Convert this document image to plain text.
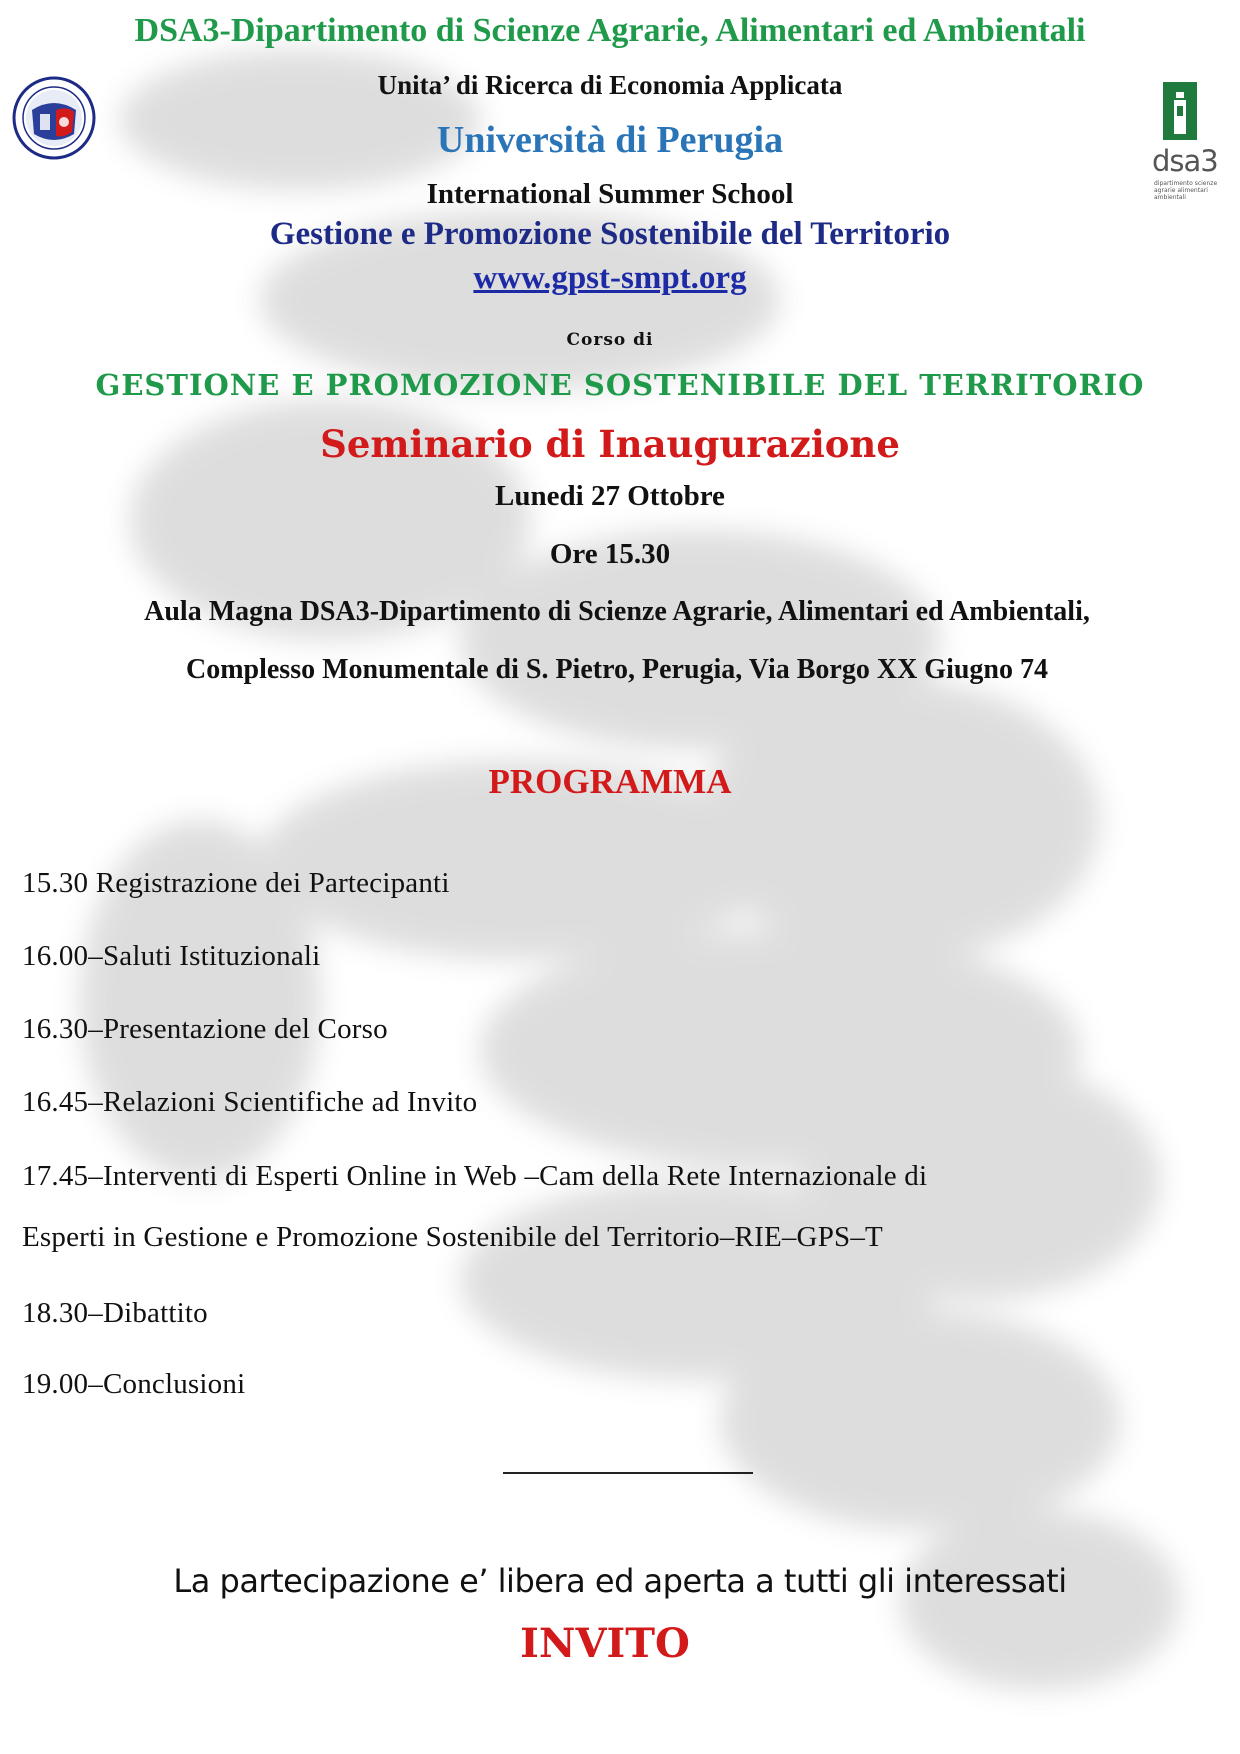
dsa3
dipartimento scienze agrarie alimentari ambientali
DSA3-Dipartimento di Scienze Agrarie, Alimentari ed Ambientali
Unita’ di Ricerca di Economia Applicata
Università di Perugia
International Summer School
Gestione e Promozione Sostenibile del Territorio
www.gpst-smpt.org
Corso di
GESTIONE E PROMOZIONE SOSTENIBILE DEL TERRITORIO
Seminario di Inaugurazione
Lunedi 27 Ottobre
Ore 15.30
Aula Magna DSA3-Dipartimento di Scienze Agrarie, Alimentari ed Ambientali,
Complesso Monumentale di S. Pietro, Perugia, Via Borgo XX Giugno 74
PROGRAMMA
15.30 Registrazione dei Partecipanti
16.00–Saluti Istituzionali
16.30–Presentazione del Corso
16.45–Relazioni Scientifiche ad Invito
17.45–Interventi di Esperti Online in Web –Cam della Rete Internazionale di
Esperti in Gestione e Promozione Sostenibile del Territorio–RIE–GPS–T
18.30–Dibattito
19.00–Conclusioni
La partecipazione e’ libera ed aperta a tutti gli interessati
INVITO
